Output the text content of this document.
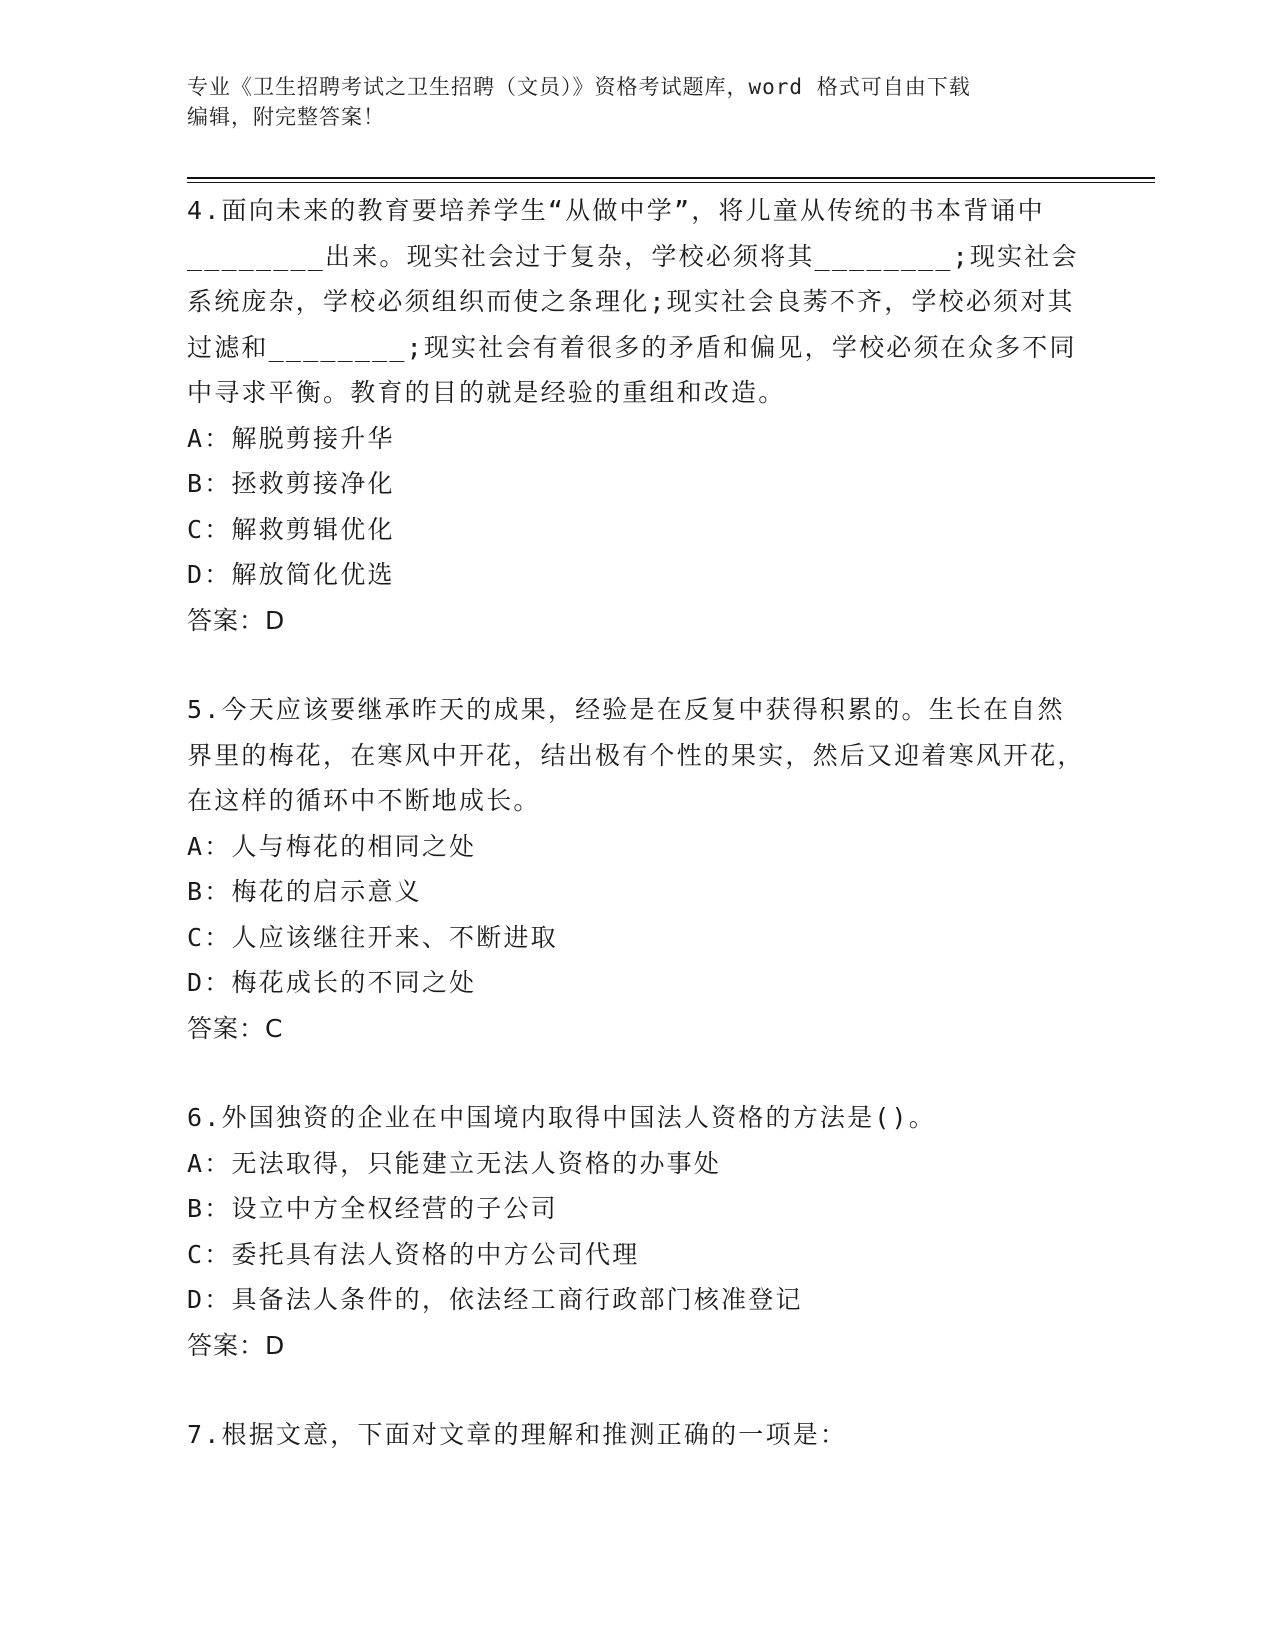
专业《卫生招聘考试之卫生招聘（文员）》资格考试题库，word 格式可自由下载
编辑，附完整答案！

4.面向未来的教育要培养学生“从做中学”，将儿童从传统的书本背诵中________出来。现实社会过于复杂，学校必须将其________;现实社会系统庞杂，学校必须组织而使之条理化;现实社会良莠不齐，学校必须对其过滤和________;现实社会有着很多的矛盾和偏见，学校必须在众多不同中寻求平衡。教育的目的就是经验的重组和改造。

A：解脱剪接升华
B：拯救剪接净化
C：解救剪辑优化
D：解放简化优选
答案：D

5.今天应该要继承昨天的成果，经验是在反复中获得积累的。生长在自然界里的梅花，在寒风中开花，结出极有个性的果实，然后又迎着寒风开花，在这样的循环中不断地成长。

A：人与梅花的相同之处
B：梅花的启示意义
C：人应该继往开来、不断进取
D：梅花成长的不同之处
答案：C

6.外国独资的企业在中国境内取得中国法人资格的方法是()。

A：无法取得，只能建立无法人资格的办事处
B：设立中方全权经营的子公司
C：委托具有法人资格的中方公司代理
D：具备法人条件的，依法经工商行政部门核准登记
答案：D

7.根据文意，下面对文章的理解和推测正确的一项是：
